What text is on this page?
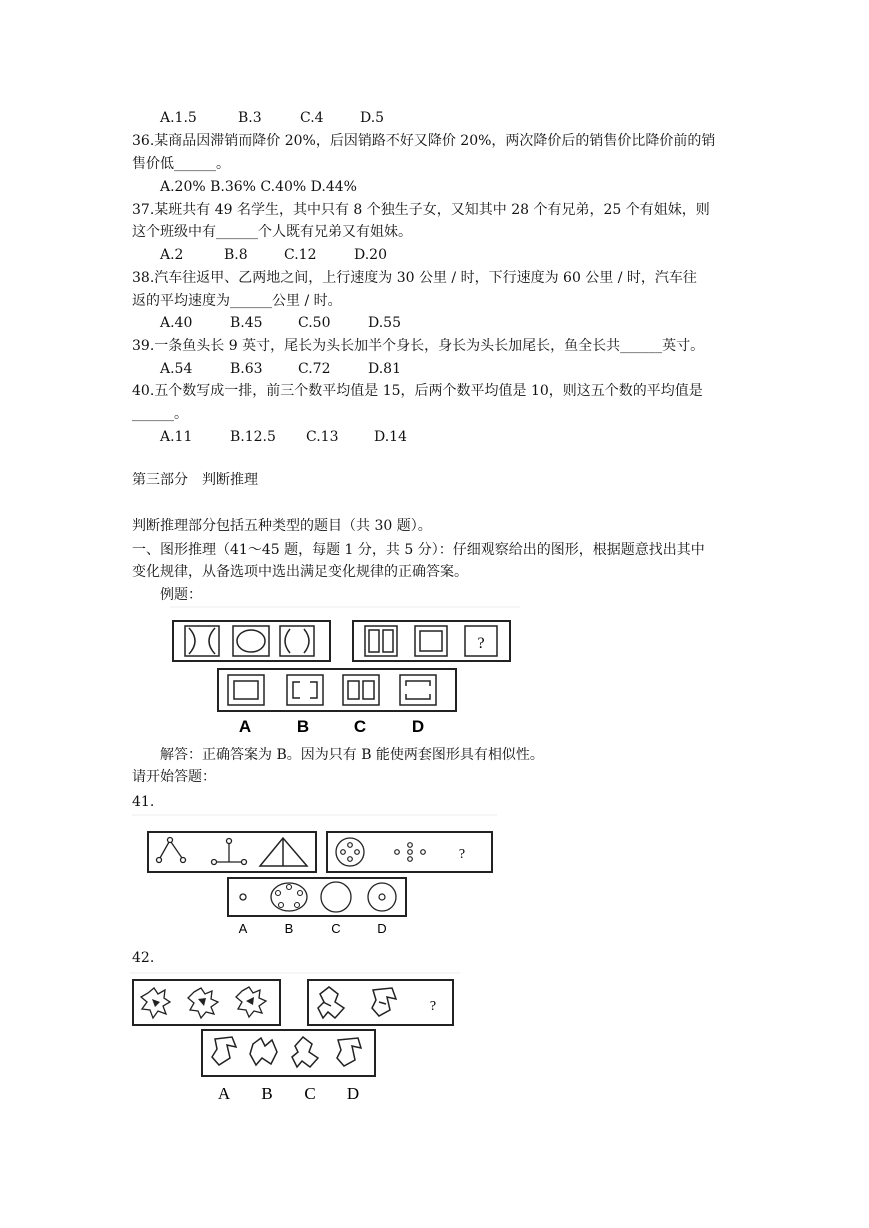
A.1.5	B.3	C.4	D.5
36.某商品因滞销而降价 20%，后因销路不好又降价 20%，两次降价后的销售价比降价前的销
售价低______。
A.20% B.36% C.40% D.44%
37.某班共有 49 名学生，其中只有 8 个独生子女，又知其中 28 个有兄弟，25 个有姐妹，则
这个班级中有______个人既有兄弟又有姐妹。
A.2	B.8	C.12	D.20
38.汽车往返甲、乙两地之间，上行速度为 30 公里 / 时，下行速度为 60 公里 / 时，汽车往
返的平均速度为______公里 / 时。
A.40	B.45	C.50	D.55
39.一条鱼头长 9 英寸，尾长为头长加半个身长，身长为头长加尾长，鱼全长共______英寸。
A.54	B.63	C.72	D.81
40.五个数写成一排，前三个数平均值是 15，后两个数平均值是 10，则这五个数的平均值是
______。
A.11	B.12.5 C.13	D.14
第三部分　判断推理
判断推理部分包括五种类型的题目（共 30 题）。
一、图形推理（41～45 题，每题 1 分，共 5 分）：仔细观察给出的图形，根据题意找出其中
变化规律，从备选项中选出满足变化规律的正确答案。
例题：
?
A	B	C	D
解答：正确答案为 B。因为只有 B 能使两套图形具有相似性。
请开始答题：
41.
?
A	B	C	D
42.
?
A B C D
